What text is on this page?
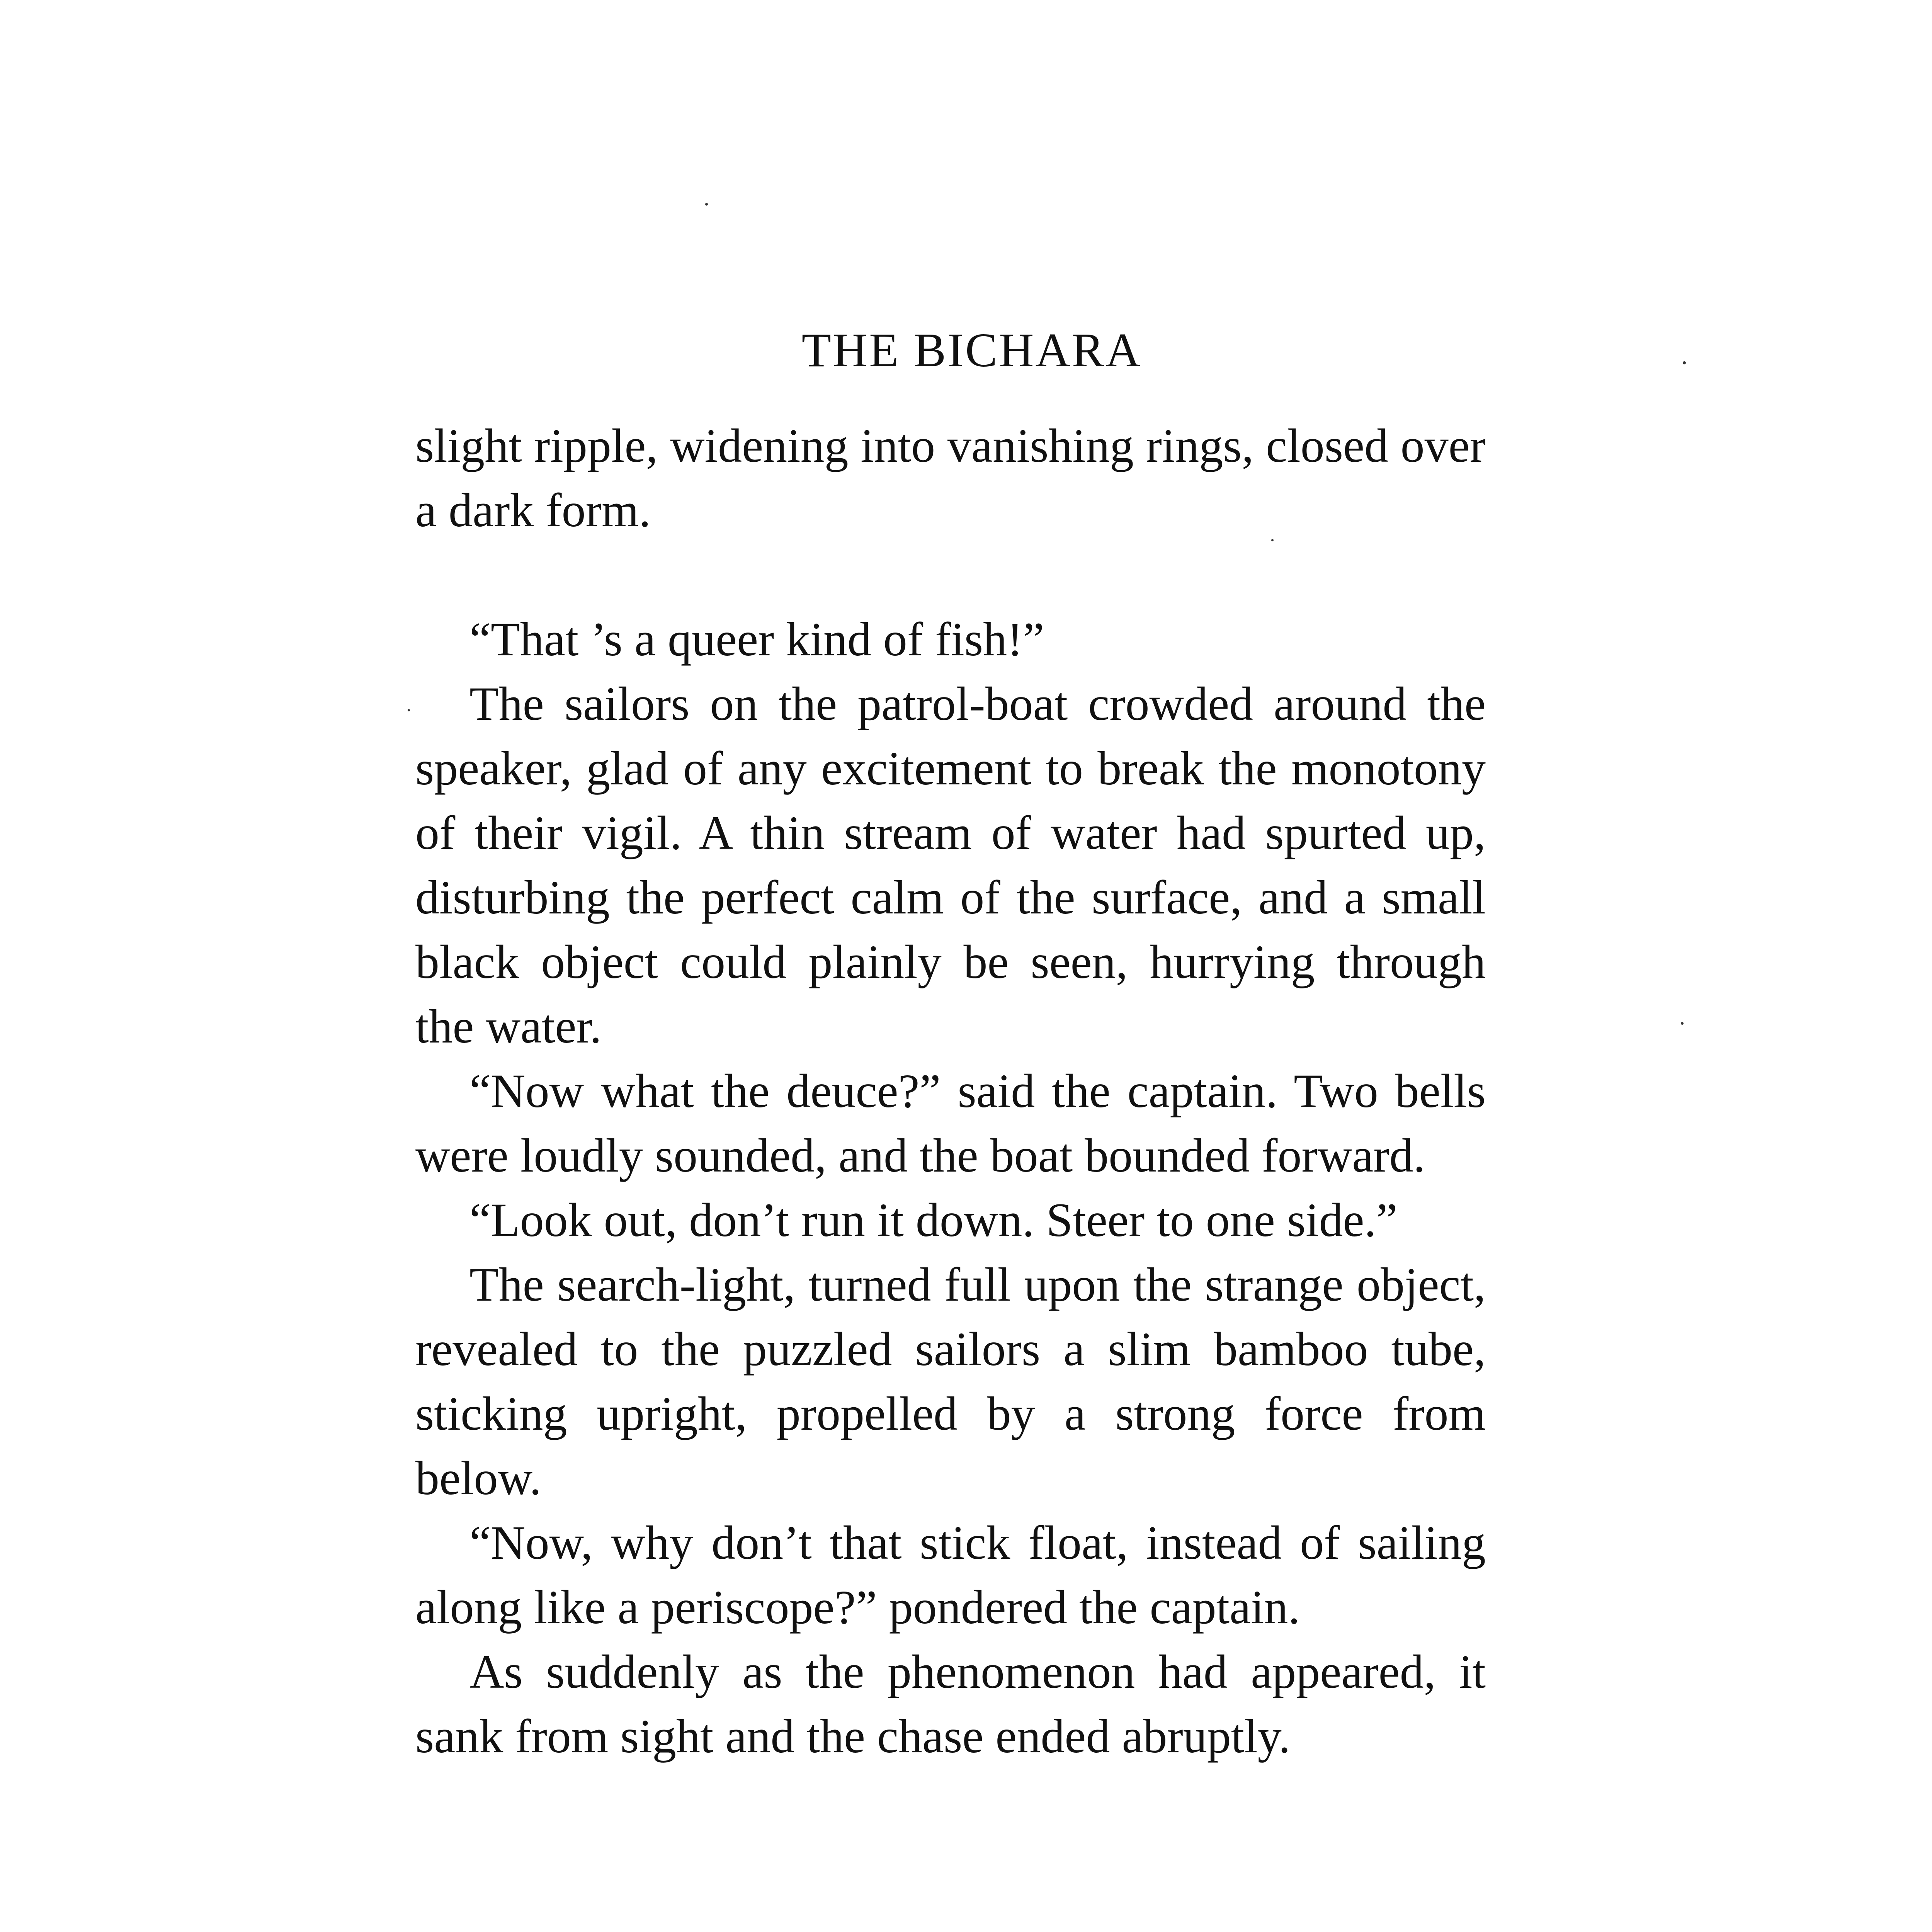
THE BICHARA

slight ripple, widening into vanishing rings, closed over a dark form.

“That ’s a queer kind of fish!”

The sailors on the patrol-boat crowded around the speaker, glad of any excitement to break the monotony of their vigil. A thin stream of water had spurted up, disturbing the perfect calm of the surface, and a small black object could plainly be seen, hurrying through the water.

“Now what the deuce?” said the captain. Two bells were loudly sounded, and the boat bounded forward.

“Look out, don’t run it down. Steer to one side.”

The search-light, turned full upon the strange object, revealed to the puzzled sailors a slim bamboo tube, sticking upright, propelled by a strong force from below.

“Now, why don’t that stick float, instead of sailing along like a periscope?” pondered the captain.

As suddenly as the phenomenon had appeared, it sank from sight and the chase ended abruptly.
